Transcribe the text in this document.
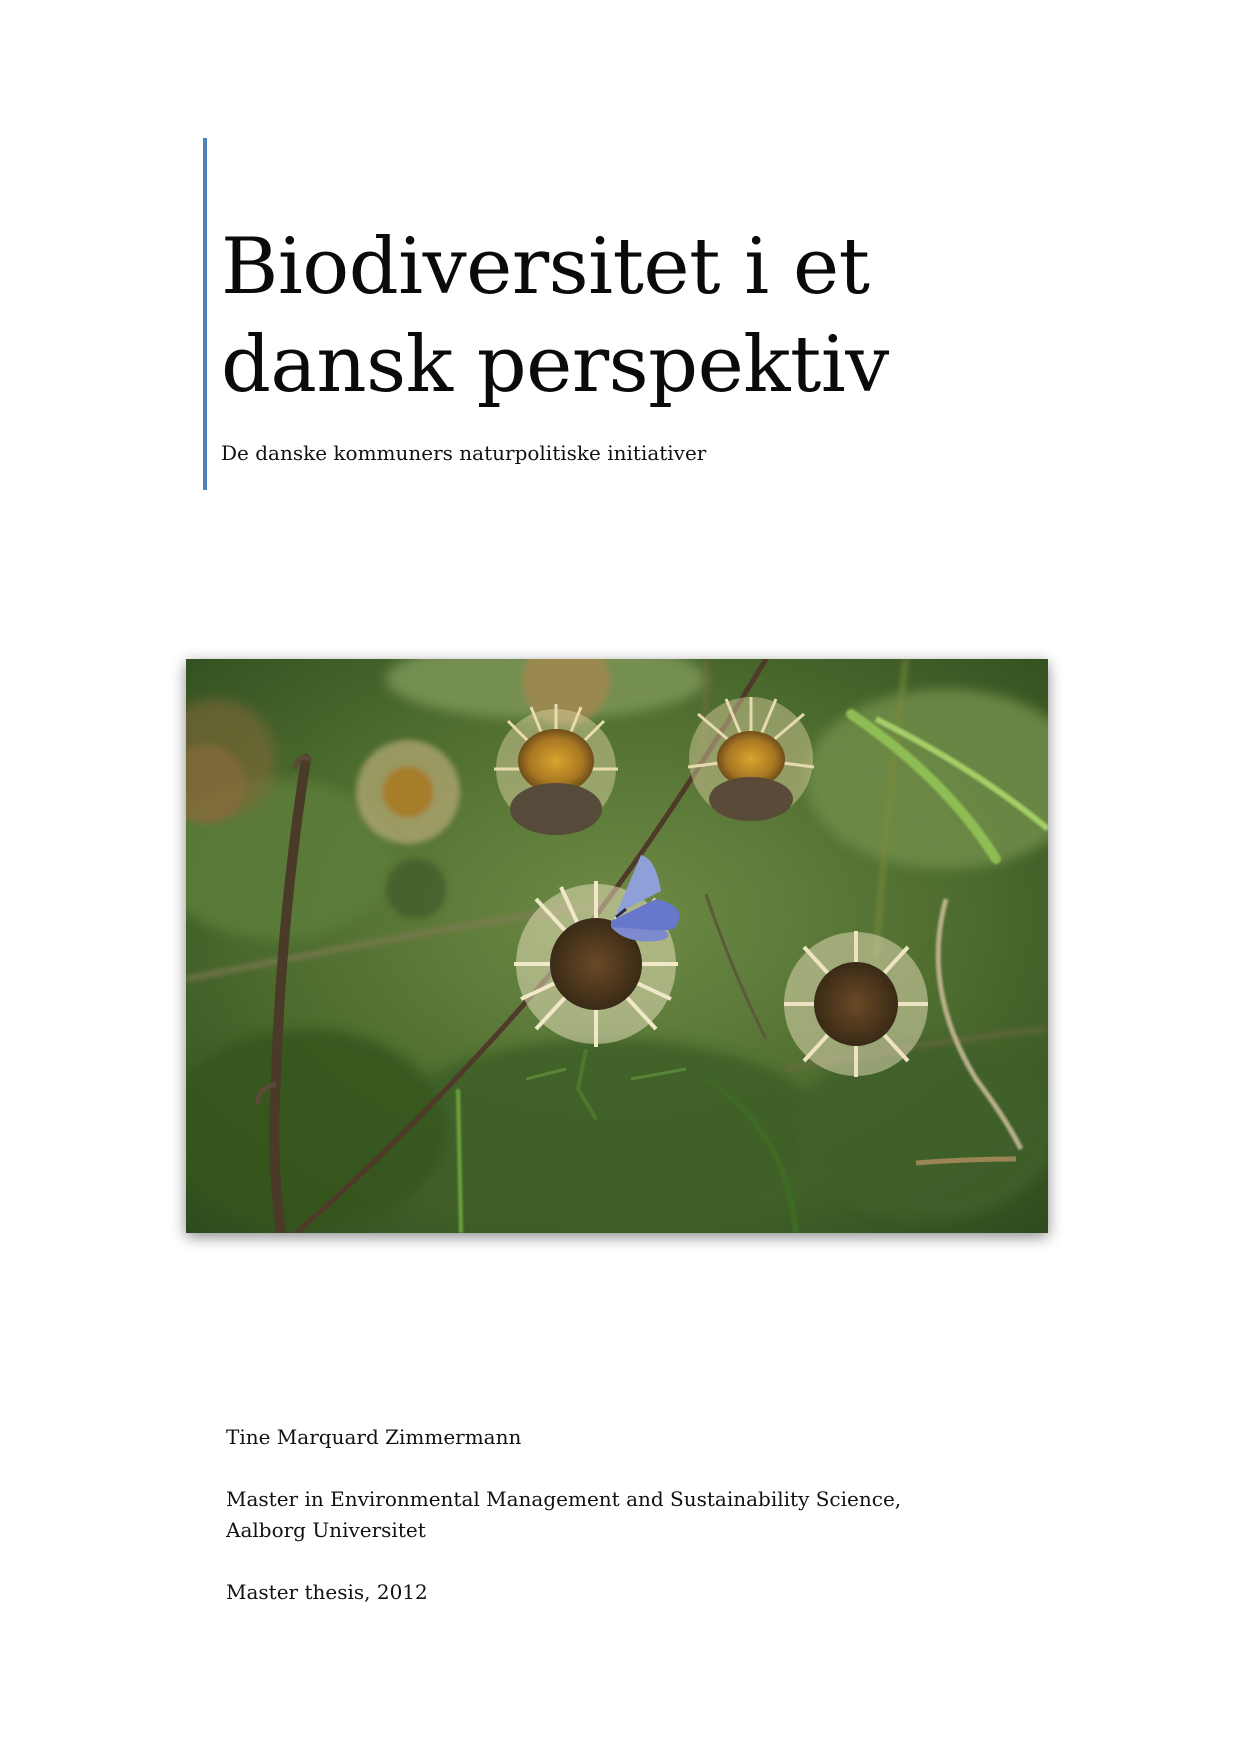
Biodiversitet i et
dansk perspektiv
De danske kommuners naturpolitiske initiativer

Tine Marquard Zimmermann

Master in Environmental Management and Sustainability Science, Aalborg Universitet

Master thesis, 2012
